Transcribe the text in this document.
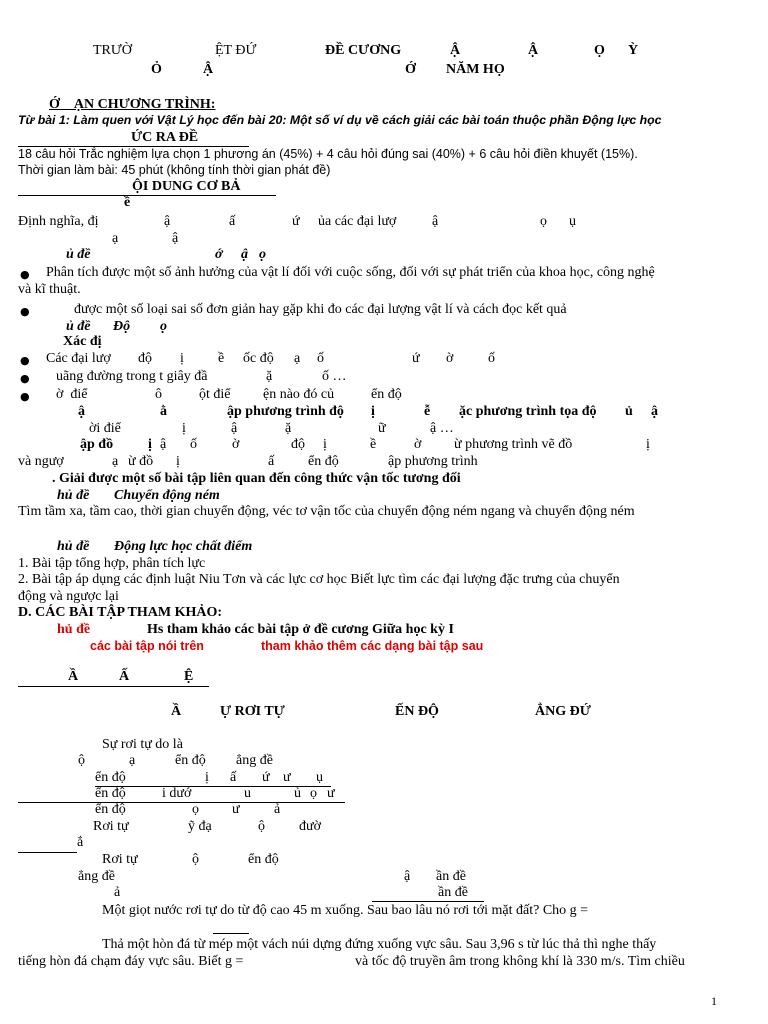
TRƯỜ	ỆT ĐỨ	ĐỀ CƯƠNG	Ậ	Ậ	Ọ Ỳ
Ỏ	Ậ	Ớ NĂM HỌ
Ớ    ẠN CHƯƠNG TRÌNH:
Từ bài 1: Làm quen với Vật Lý học đến bài 20: Một số ví dụ về cách giải các bài toán thuộc phần Động lực học
ỨC RA ĐỀ
18 câu hỏi Trắc nghiệm lựa chọn 1 phương án (45%) + 4 câu hỏi đúng sai (40%) + 6 câu hỏi điền khuyết (15%).
Thời gian làm bài: 45 phút (không tính thời gian phát đề)
ỘI DUNG CƠ BẢ
ề
Định nghĩa, đị	ậ	ấ	ứ ủa các đại lượ	ậ	ọ ụ
ạ	ậ
ủ đề	ớ ậ ọ
● Phân tích được một số ảnh hưởng của vật lí đối với cuộc sống, đối với sự phát triển của khoa học, công nghệ
và kĩ thuật.
●	được một số loại sai số đơn giản hay gặp khi đo các đại lượng vật lí và cách đọc kết quả
ủ đề Độ ọ
Xác đị
● Các đại lượ độ ị ề ốc độ ạ ố	ứ ờ ố
● uãng đường trong t giây đầ	ặ	ố …
● ờ  điể	ô	ột điể ện nào đó củ	ển độ
ậ	ằ	ập phương trình độ ị	ễ ặc phương trình tọa độ ủ ậ
ời điể	ị	ậ	ặ	ữ	ậ …
ập đồ ị ậ ố	ờ	độ ị	ề	ờ ừ phương trình vẽ đồ	ị
và ngượ	ạ ừ đồ ị	ấ ển độ	ập phương trình
. Giải được một số bài tập liên quan đến công thức vận tốc tương đối
hủ đề Chuyển động ném
Tìm tầm xa, tầm cao, thời gian chuyển động, véc tơ vận tốc của chuyển động ném ngang và chuyển động ném
hủ đề Động lực học chất điểm
1. Bài tập tổng hợp, phân tích lực
2. Bài tập áp dụng các định luật Niu Tơn và các lực cơ học Biết lực tìm các đại lượng đặc trưng của chuyển
động và ngược lại
D. CÁC BÀI TẬP THAM KHẢO:
hủ đề	Hs tham khảo các bài tập ở đề cương Giữa học kỳ I
các bài tập nói trên	tham khảo thêm các dạng bài tập sau
Ầ	Ấ	Ệ
Ầ	Ự RƠI TỰ	ẾN ĐỘ	ẲNG ĐỨ
Sự rơi tự do là
ộ	ạ	ển độ ẳng đề
ển độ	ị ấ ứ ư ụ
ển độ	i dướ	u	ủ ọ ư
ển độ	ọ ư ả
Rơi tự	ỹ đạ	ộ đườ
ắ
Rơi tự	ộ	ển độ
ẳng đề	ậ ần đề
ả	ần đề
Một giọt nước rơi tự do từ độ cao 45 m xuống. Sau bao lâu nó rơi tới mặt đất? Cho g =
Thả một hòn đá từ mép một vách núi dựng đứng xuống vực sâu. Sau 3,96 s từ lúc thả thì nghe thấy
tiếng hòn đá chạm đáy vực sâu. Biết g =	và tốc độ truyền âm trong không khí là 330 m/s. Tìm chiều
1
